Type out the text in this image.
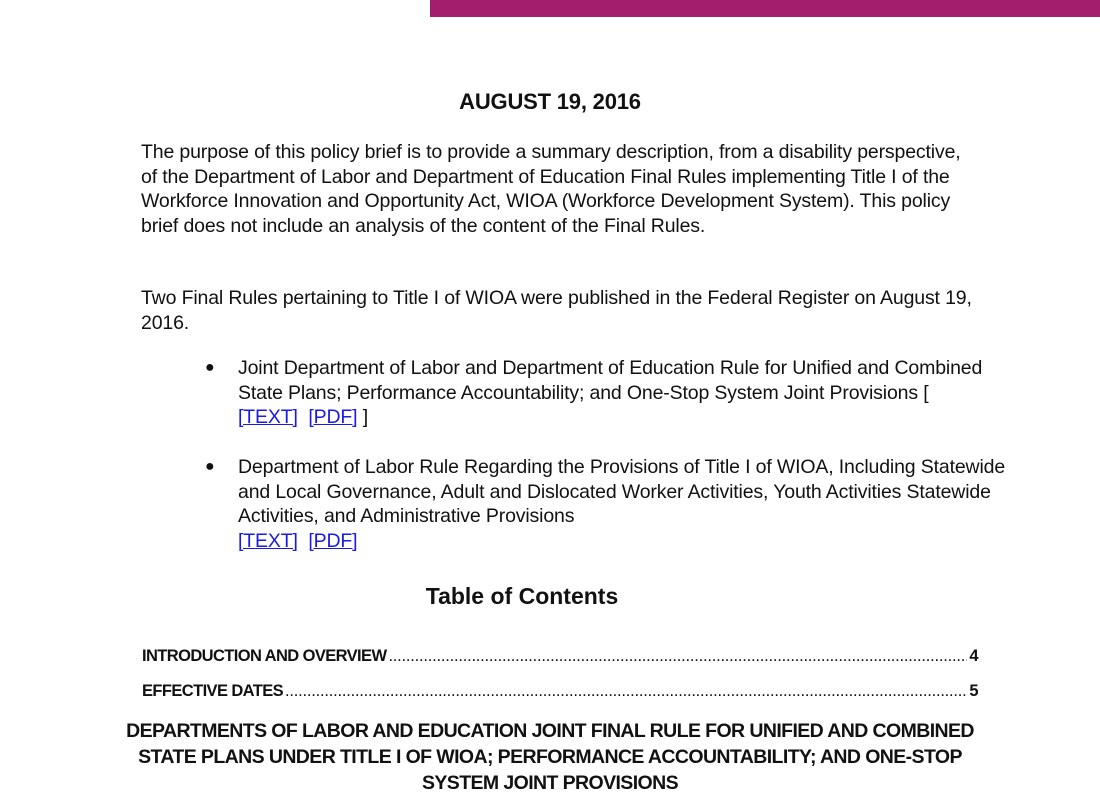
AUGUST 19, 2016

The purpose of this policy brief is to provide a summary description, from a disability perspective, of the Department of Labor and Department of Education Final Rules implementing Title I of the Workforce Innovation and Opportunity Act, WIOA (Workforce Development System). This policy brief does not include an analysis of the content of the Final Rules.

Two Final Rules pertaining to Title I of WIOA were published in the Federal Register on August 19, 2016.

● Joint Department of Labor and Department of Education Rule for Unified and Combined State Plans; Performance Accountability; and One-Stop System Joint Provisions [ [TEXT] [PDF] ]
● Department of Labor Rule Regarding the Provisions of Title I of WIOA, Including Statewide and Local Governance, Adult and Dislocated Worker Activities, Youth Activities Statewide Activities, and Administrative Provisions
[TEXT] [PDF]
Table of Contents
INTRODUCTION AND OVERVIEW . . .	4
EFFECTIVE DATES . . .	5
DEPARTMENTS OF LABOR AND EDUCATION JOINT FINAL RULE FOR UNIFIED AND COMBINED STATE PLANS UNDER TITLE I OF WIOA; PERFORMANCE ACCOUNTABILITY; AND ONE-STOP SYSTEM JOINT PROVISIONS
